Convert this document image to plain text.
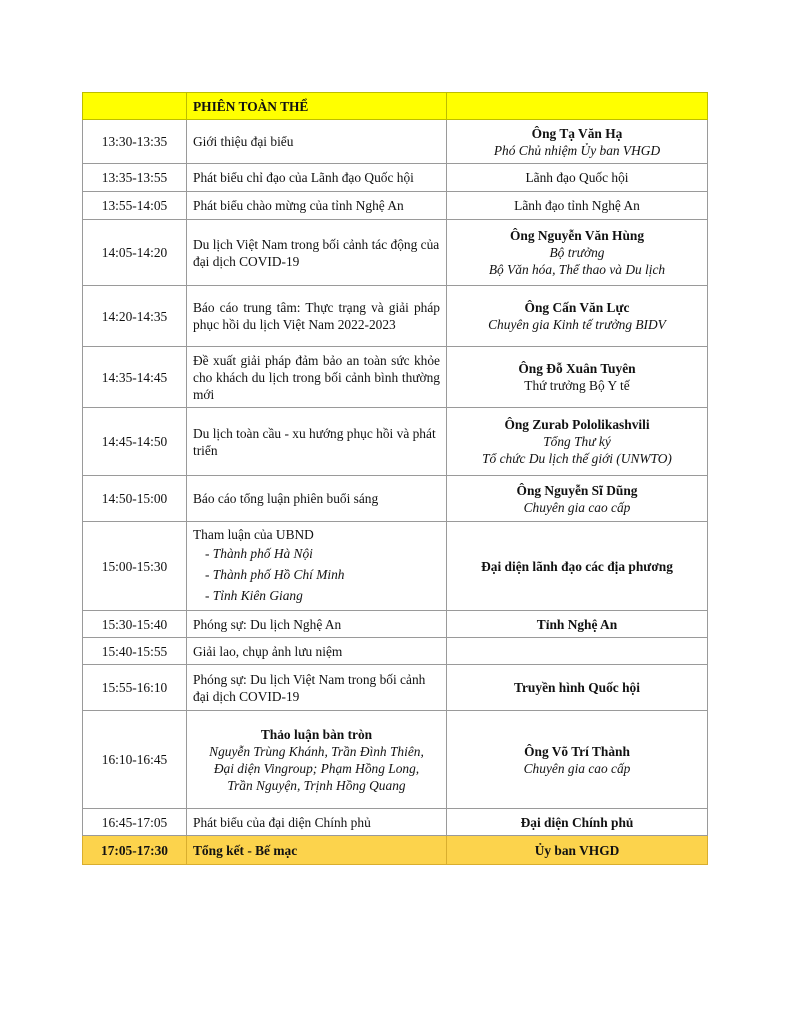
	PHIÊN TOÀN THỂ	
13:30-13:35	Giới thiệu đại biểu	Ông Tạ Văn Hạ
Phó Chủ nhiệm Ủy ban VHGD

13:35-13:55	Phát biểu chỉ đạo của Lãnh đạo Quốc hội	Lãnh đạo Quốc hội
13:55-14:05	Phát biểu chào mừng của tỉnh Nghệ An	Lãnh đạo tỉnh Nghệ An
14:05-14:20	Du lịch Việt Nam trong bối cảnh tác động của đại dịch COVID-19	Ông Nguyễn Văn Hùng
Bộ trưởng
Bộ Văn hóa, Thể thao và Du lịch

14:20-14:35	Báo cáo trung tâm: Thực trạng và giải pháp phục hồi du lịch Việt Nam 2022-2023	Ông Cấn Văn Lực
Chuyên gia Kinh tế trưởng BIDV

14:35-14:45	Đề xuất giải pháp đảm bảo an toàn sức khỏe cho khách du lịch trong bối cảnh bình thường mới	Ông Đỗ Xuân Tuyên
Thứ trưởng Bộ Y tế

14:45-14:50	Du lịch toàn cầu - xu hướng phục hồi và phát triển	Ông Zurab Pololikashvili
Tổng Thư ký
Tổ chức Du lịch thế giới (UNWTO)

14:50-15:00	Báo cáo tổng luận phiên buổi sáng	Ông Nguyễn Sĩ Dũng
Chuyên gia cao cấp

15:00-15:30	Tham luận của UBND
- Thành phố Hà Nội
- Thành phố Hồ Chí Minh
- Tỉnh Kiên Giang	Đại diện lãnh đạo các địa phương
15:30-15:40	Phóng sự: Du lịch Nghệ An	Tỉnh Nghệ An
15:40-15:55	Giải lao, chụp ảnh lưu niệm	
15:55-16:10	Phóng sự: Du lịch Việt Nam trong bối cảnh đại dịch COVID-19	Truyền hình Quốc hội
16:10-16:45	Thảo luận bàn tròn
Nguyễn Trùng Khánh, Trần Đình Thiên, Đại diện Vingroup; Phạm Hồng Long, Trần Nguyện, Trịnh Hồng Quang	Ông Võ Trí Thành
Chuyên gia cao cấp

16:45-17:05	Phát biểu của đại diện Chính phủ	Đại diện Chính phủ
17:05-17:30	Tổng kết - Bế mạc	Ủy ban VHGD
